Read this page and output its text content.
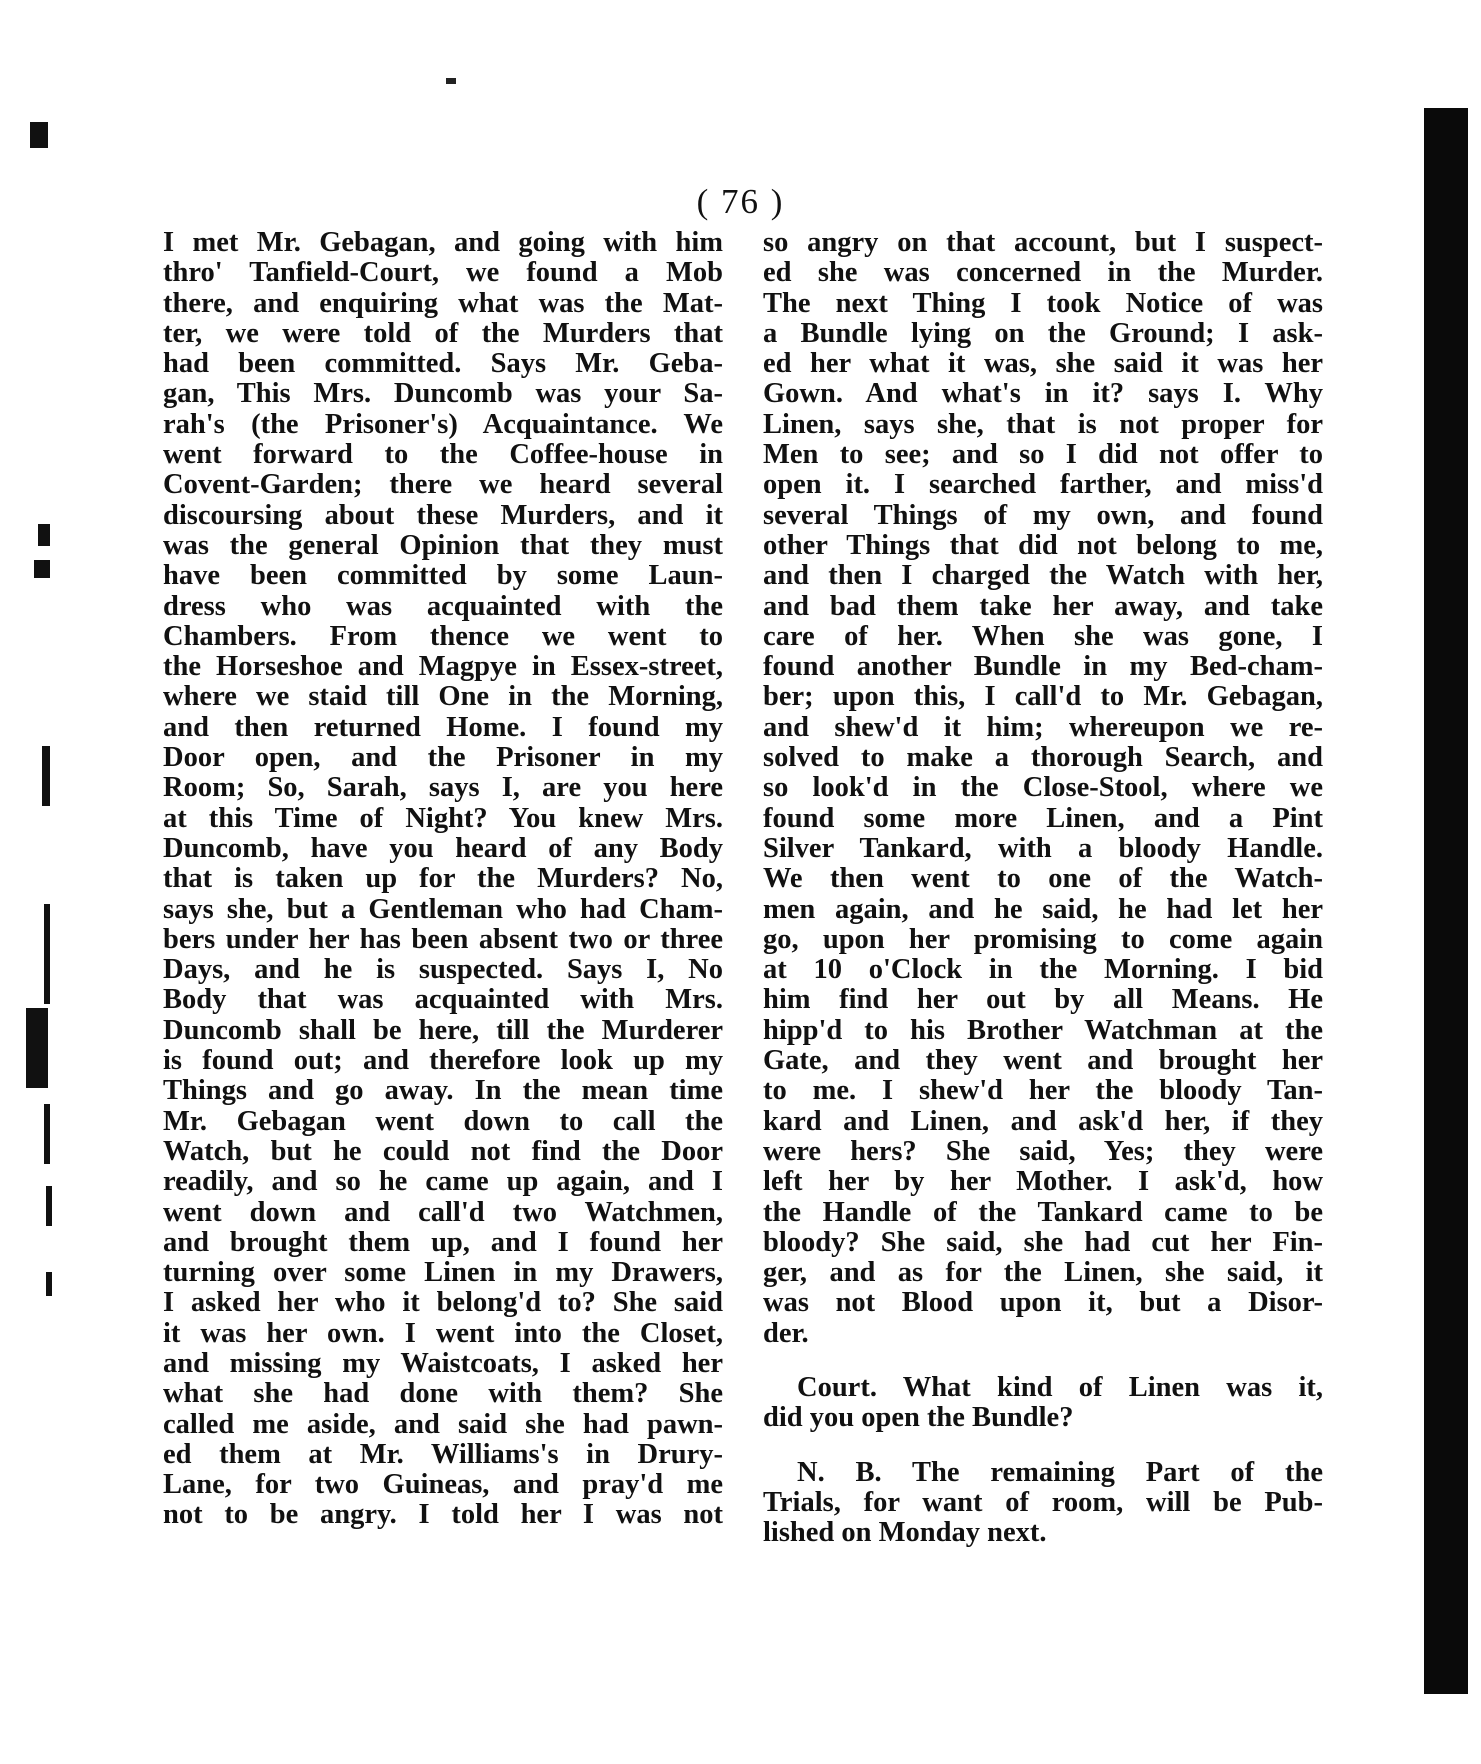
( 76 )
I met Mr. Gebagan, and going with him
thro' Tanfield-Court, we found a Mob
there, and enquiring what was the Mat-
ter, we were told of the Murders that
had been committed. Says Mr. Geba-
gan, This Mrs. Duncomb was your Sa-
rah's (the Prisoner's) Acquaintance. We
went forward to the Coffee-house in
Covent-Garden; there we heard several
discoursing about these Murders, and it
was the general Opinion that they must
have been committed by some Laun-
dress who was acquainted with the
Chambers. From thence we went to
the Horseshoe and Magpye in Essex-street,
where we staid till One in the Morning,
and then returned Home. I found my
Door open, and the Prisoner in my
Room; So, Sarah, says I, are you here
at this Time of Night? You knew Mrs.
Duncomb, have you heard of any Body
that is taken up for the Murders? No,
says she, but a Gentleman who had Cham-
bers under her has been absent two or three
Days, and he is suspected. Says I, No
Body that was acquainted with Mrs.
Duncomb shall be here, till the Murderer
is found out; and therefore look up my
Things and go away. In the mean time
Mr. Gebagan went down to call the
Watch, but he could not find the Door
readily, and so he came up again, and I
went down and call'd two Watchmen,
and brought them up, and I found her
turning over some Linen in my Drawers,
I asked her who it belong'd to? She said
it was her own. I went into the Closet,
and missing my Waistcoats, I asked her
what she had done with them? She
called me aside, and said she had pawn-
ed them at Mr. Williams's in Drury-
Lane, for two Guineas, and pray'd me
not to be angry. I told her I was not
so angry on that account, but I suspect-
ed she was concerned in the Murder.
The next Thing I took Notice of was
a Bundle lying on the Ground; I ask-
ed her what it was, she said it was her
Gown. And what's in it? says I. Why
Linen, says she, that is not proper for
Men to see; and so I did not offer to
open it. I searched farther, and miss'd
several Things of my own, and found
other Things that did not belong to me,
and then I charged the Watch with her,
and bad them take her away, and take
care of her. When she was gone, I
found another Bundle in my Bed-cham-
ber; upon this, I call'd to Mr. Gebagan,
and shew'd it him; whereupon we re-
solved to make a thorough Search, and
so look'd in the Close-Stool, where we
found some more Linen, and a Pint
Silver Tankard, with a bloody Handle.
We then went to one of the Watch-
men again, and he said, he had let her
go, upon her promising to come again
at 10 o'Clock in the Morning. I bid
him find her out by all Means. He
hipp'd to his Brother Watchman at the
Gate, and they went and brought her
to me. I shew'd her the bloody Tan-
kard and Linen, and ask'd her, if they
were hers? She said, Yes; they were
left her by her Mother. I ask'd, how
the Handle of the Tankard came to be
bloody? She said, she had cut her Fin-
ger, and as for the Linen, she said, it
was not Blood upon it, but a Disor-
der.
Court. What kind of Linen was it,
did you open the Bundle?
N. B. The remaining Part of the
Trials, for want of room, will be Pub-
lished on Monday next.
